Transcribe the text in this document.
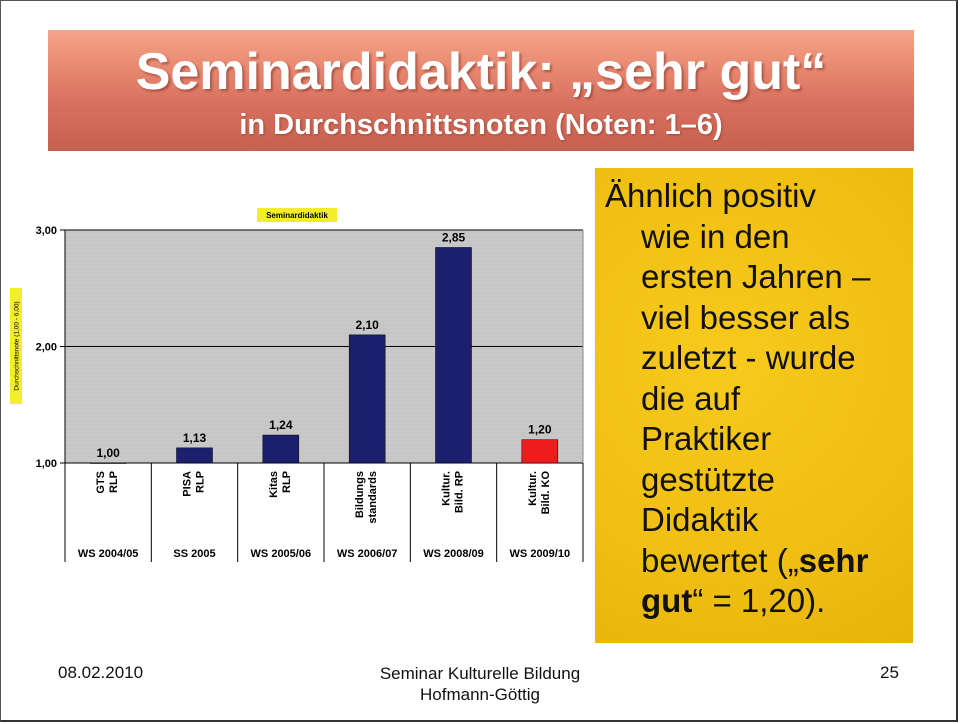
Seminardidaktik: „sehr gut“
in Durchschnittsnoten (Noten: 1–6)
1,00
2,00
3,00
1,00
GTS RLP
WS 2004/05
1,13
PISA RLP
SS 2005
1,24
Kitas RLP
WS 2005/06
2,10
Bildungs standards
WS 2006/07
2,85
Kultur. Bild. RP
WS 2008/09
1,20
Kultur. Bild. KO
WS 2009/10
Seminardidaktik
Durchschnittsnote (1,00 - 6,00)
Ähnlich positiv
wie in den
ersten Jahren –
viel besser als
zuletzt - wurde
die auf
Praktiker
gestützte
Didaktik
bewertet („sehr
gut“ = 1,20).
08.02.2010	Seminar Kulturelle Bildung
Hofmann-Göttig
25
